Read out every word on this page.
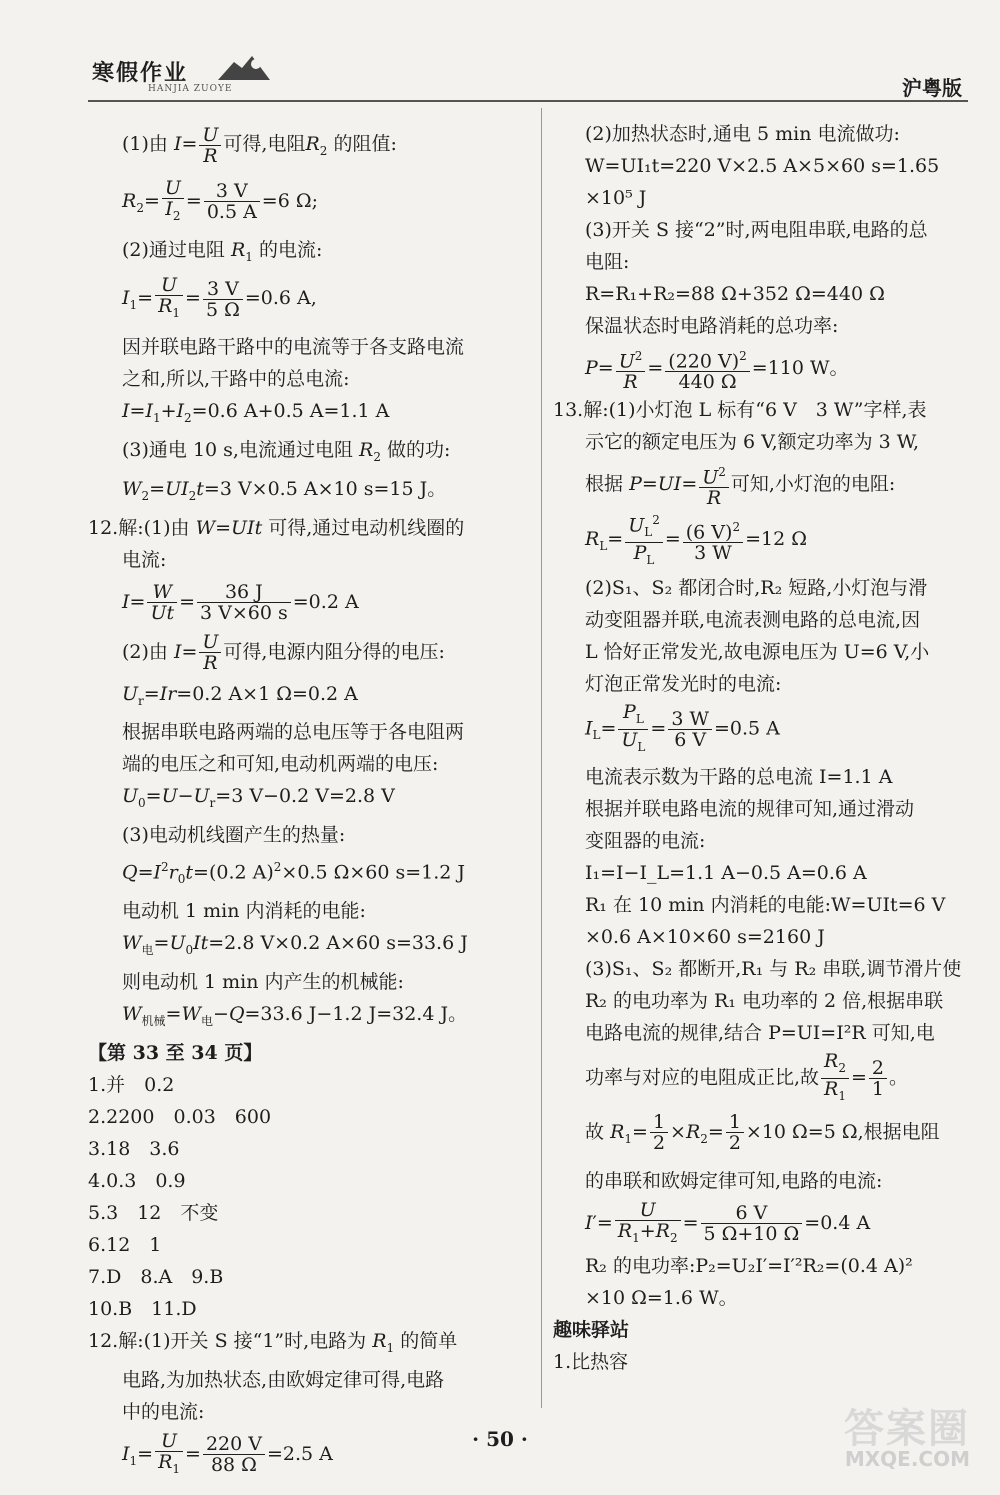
寒假作业
HANJIA ZUOYE	沪粤版

(1)由 $I= \frac{U}{R}$ 可得,电阻$R_2$ 的阻值:

$R_2= \frac{U}{I_2} = \frac{3 V}{0.5 A} =6$ Ω;

(2)通过电阻 $R_1$ 的电流:

$I_1= \frac{U}{R_1} = \frac{3 V}{5 \Omega} =0.6$ A,

因并联电路干路中的电流等于各支路电流

之和,所以,干路中的总电流:

$I=I_1+I_2=0.6$ A+0.5 A=1.1 A

(3)通电 10 s,电流通过电阻 $R_2$ 做的功:

$W_2=UI_2t=3$ V×0.5 A×10 s=15 J。

12.解:(1)由 W=UIt 可得,通过电动机线圈的

电流:

$I= \frac{W}{Ut} = \frac{36 J}{3 V\times 60 s} =0.2$ A

(2)由 $I= \frac{U}{R}$ 可得,电源内阻分得的电压:

$U_r=Ir=0.2$ A×1 Ω=0.2 A

根据串联电路两端的总电压等于各电阻两

端的电压之和可知,电动机两端的电压:

$U_0=U-U_r=3$ V−0.2 V=2.8 V

(3)电动机线圈产生的热量:

$Q=I^2r_0t=(0.2$ A)$^2$×0.5 Ω×60 s=1.2 J

电动机 1 min 内消耗的电能:

$W_电=U_0It=2.8$ V×0.2 A×60 s=33.6 J

则电动机 1 min 内产生的机械能:

$W_{机械}=W_电-Q=33.6$ J−1.2 J=32.4 J。

【第 33 至 34 页】

1.并　0.2

2.2200　0.03　600

3.18　3.6

4.0.3　0.9

5.3　12　不变

6.12　1

7.D　8.A　9.B

10.B　11.D

12.解:(1)开关 S 接“1”时,电路为 $R_1$ 的简单

电路,为加热状态,由欧姆定律可得,电路

中的电流:

$I_1= \frac{U}{R_1} = \frac{220 V}{88 \Omega} =2.5$ A

(2)加热状态时,通电 5 min 电流做功:

W=UI₁t=220 V×2.5 A×5×60 s=1.65

×10⁵ J

(3)开关 S 接“2”时,两电阻串联,电路的总

电阻:

R=R₁+R₂=88 Ω+352 Ω=440 Ω

保温状态时电路消耗的总功率:

$P= \frac{U^2}{R} = \frac{(220 V)^2}{440 \Omega} =110$ W。

13.解:(1)小灯泡 L 标有“6 V　3 W”字样,表

示它的额定电压为 6 V,额定功率为 3 W,

根据 $P=UI= \frac{U^2}{R}$ 可知,小灯泡的电阻:

$R_L= \frac{U_L^2}{P_L} = \frac{(6 V)^2}{3 W} =12$ Ω

(2)S₁、S₂ 都闭合时,R₂ 短路,小灯泡与滑

动变阻器并联,电流表测电路的总电流,因

L 恰好正常发光,故电源电压为 U=6 V,小

灯泡正常发光时的电流:

$I_L= \frac{P_L}{U_L} = \frac{3 W}{6 V} =0.5$ A

电流表示数为干路的总电流 I=1.1 A

根据并联电路电流的规律可知,通过滑动

变阻器的电流:

I₁=I−I_L=1.1 A−0.5 A=0.6 A

R₁ 在 10 min 内消耗的电能:W=UIt=6 V

×0.6 A×10×60 s=2160 J

(3)S₁、S₂ 都断开,R₁ 与 R₂ 串联,调节滑片使

R₂ 的电功率为 R₁ 电功率的 2 倍,根据串联

电路电流的规律,结合 P=UI=I²R 可知,电

功率与对应的电阻成正比,故 $\frac{R_2}{R_1} = \frac{2}{1}$ 。

故 $R_1= \frac{1}{2} \times R_2= \frac{1}{2} \times 10$ Ω=5 Ω,根据电阻

的串联和欧姆定律可知,电路的电流:

$I'= \frac{U}{R_1+R_2} = \frac{6 V}{5 \Omega+10 \Omega} =0.4$ A

R₂ 的电功率:P₂=U₂I′=I′²R₂=(0.4 A)²

×10 Ω=1.6 W。

趣味驿站

1.比热容

· 50 ·	答案圈
MXQE.COM
